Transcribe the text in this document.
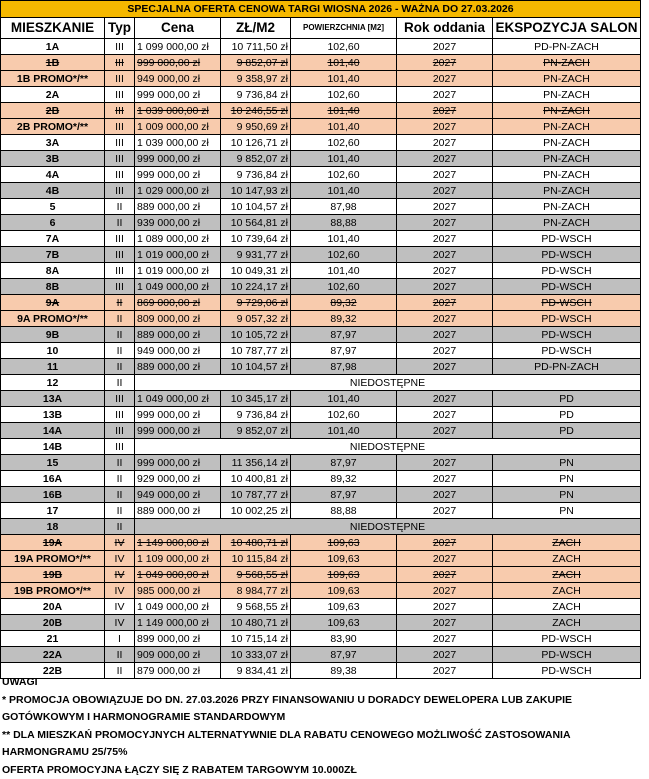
SPECJALNA OFERTA CENOWA TARGI WIOSNA 2026 - WAŻNA DO 27.03.2026						
MIESZKANIE	Typ	Cena	ZŁ/M2	POWIERZCHNIA [M2]	Rok oddania	EKSPOZYCJA SALON
1A	III	1 099 000,00 zł	10 711,50 zł	102,60	2027	PD-PN-ZACH
1B	III	999 000,00 zł	9 852,07 zł	101,40	2027	PN-ZACH
1B PROMO*/**	III	949 000,00 zł	9 358,97 zł	101,40	2027	PN-ZACH
2A	III	999 000,00 zł	9 736,84 zł	102,60	2027	PN-ZACH
2B	III	1 039 000,00 zł	10 246,55 zł	101,40	2027	PN-ZACH
2B PROMO*/**	III	1 009 000,00 zł	9 950,69 zł	101,40	2027	PN-ZACH
3A	III	1 039 000,00 zł	10 126,71 zł	102,60	2027	PN-ZACH
3B	III	999 000,00 zł	9 852,07 zł	101,40	2027	PN-ZACH
4A	III	999 000,00 zł	9 736,84 zł	102,60	2027	PN-ZACH
4B	III	1 029 000,00 zł	10 147,93 zł	101,40	2027	PN-ZACH
5	II	889 000,00 zł	10 104,57 zł	87,98	2027	PN-ZACH
6	II	939 000,00 zł	10 564,81 zł	88,88	2027	PN-ZACH
7A	III	1 089 000,00 zł	10 739,64 zł	101,40	2027	PD-WSCH
7B	III	1 019 000,00 zł	9 931,77 zł	102,60	2027	PD-WSCH
8A	III	1 019 000,00 zł	10 049,31 zł	101,40	2027	PD-WSCH
8B	III	1 049 000,00 zł	10 224,17 zł	102,60	2027	PD-WSCH
9A	II	869 000,00 zł	9 729,06 zł	89,32	2027	PD-WSCH
9A PROMO*/**	II	809 000,00 zł	9 057,32 zł	89,32	2027	PD-WSCH
9B	II	889 000,00 zł	10 105,72 zł	87,97	2027	PD-WSCH
10	II	949 000,00 zł	10 787,77 zł	87,97	2027	PD-WSCH
11	II	889 000,00 zł	10 104,57 zł	87,98	2027	PD-PN-ZACH
12	II	NIEDOSTĘPNE				
13A	III	1 049 000,00 zł	10 345,17 zł	101,40	2027	PD
13B	III	999 000,00 zł	9 736,84 zł	102,60	2027	PD
14A	III	999 000,00 zł	9 852,07 zł	101,40	2027	PD
14B	III	NIEDOSTĘPNE				
15	II	999 000,00 zł	11 356,14 zł	87,97	2027	PN
16A	II	929 000,00 zł	10 400,81 zł	89,32	2027	PN
16B	II	949 000,00 zł	10 787,77 zł	87,97	2027	PN
17	II	889 000,00 zł	10 002,25 zł	88,88	2027	PN
18	II	NIEDOSTĘPNE				
19A	IV	1 149 000,00 zł	10 480,71 zł	109,63	2027	ZACH
19A PROMO*/**	IV	1 109 000,00 zł	10 115,84 zł	109,63	2027	ZACH
19B	IV	1 049 000,00 zł	9 568,55 zł	109,63	2027	ZACH
19B PROMO*/**	IV	985 000,00 zł	8 984,77 zł	109,63	2027	ZACH
20A	IV	1 049 000,00 zł	9 568,55 zł	109,63	2027	ZACH
20B	IV	1 149 000,00 zł	10 480,71 zł	109,63	2027	ZACH
21	I	899 000,00 zł	10 715,14 zł	83,90	2027	PD-WSCH
22A	II	909 000,00 zł	10 333,07 zł	87,97	2027	PD-WSCH
22B	II	879 000,00 zł	9 834,41 zł	89,38	2027	PD-WSCH
UWAGI
* PROMOCJA OBOWIĄZUJE DO DN. 27.03.2026 PRZY FINANSOWANIU U DORADCY DEWELOPERA LUB ZAKUPIE
GOTÓWKOWYM I HARMONOGRAMIE STANDARDOWYM
** DLA MIESZKAŃ PROMOCYJNYCH ALTERNATYWNIE DLA RABATU CENOWEGO MOŻLIWOŚĆ ZASTOSOWANIA
HARMONGRAMU 25/75%
OFERTA PROMOCYJNA ŁĄCZY SIĘ Z RABATEM TARGOWYM 10.000ZŁ
